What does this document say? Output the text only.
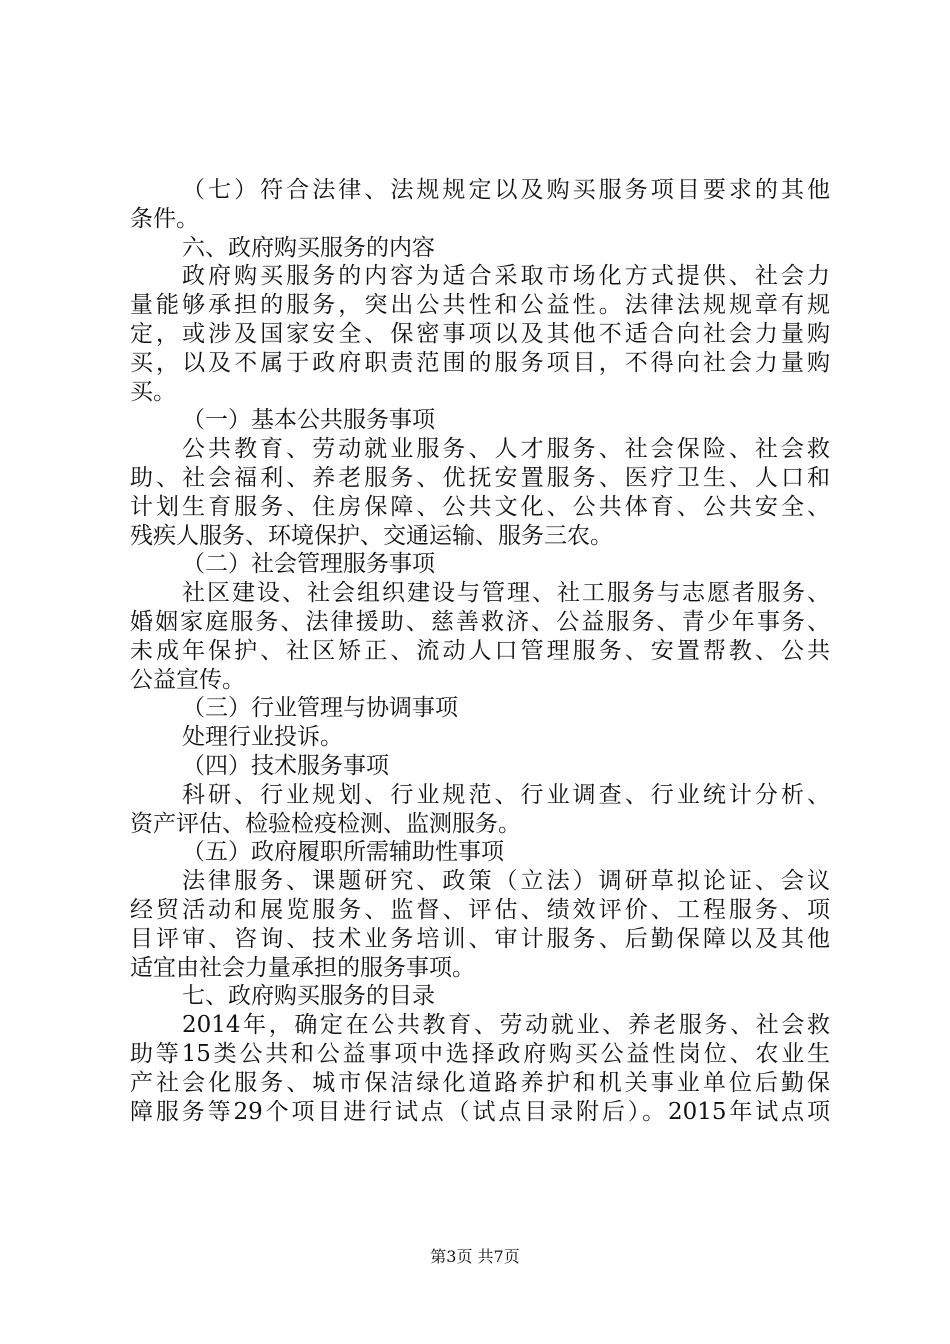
（七）符合法律、法规规定以及购买服务项目要求的其他
条件。
六、政府购买服务的内容
政府购买服务的内容为适合采取市场化方式提供、社会力
量能够承担的服务，突出公共性和公益性。法律法规规章有规
定，或涉及国家安全、保密事项以及其他不适合向社会力量购
买，以及不属于政府职责范围的服务项目，不得向社会力量购
买。
（一）基本公共服务事项
公共教育、劳动就业服务、人才服务、社会保险、社会救
助、社会福利、养老服务、优抚安置服务、医疗卫生、人口和
计划生育服务、住房保障、公共文化、公共体育、公共安全、
残疾人服务、环境保护、交通运输、服务三农。
（二）社会管理服务事项
社区建设、社会组织建设与管理、社工服务与志愿者服务、
婚姻家庭服务、法律援助、慈善救济、公益服务、青少年事务、
未成年保护、社区矫正、流动人口管理服务、安置帮教、公共
公益宣传。
（三）行业管理与协调事项
处理行业投诉。
（四）技术服务事项
科研、行业规划、行业规范、行业调查、行业统计分析、
资产评估、检验检疫检测、监测服务。
（五）政府履职所需辅助性事项
法律服务、课题研究、政策（立法）调研草拟论证、会议
经贸活动和展览服务、监督、评估、绩效评价、工程服务、项
目评审、咨询、技术业务培训、审计服务、后勤保障以及其他
适宜由社会力量承担的服务事项。
七、政府购买服务的目录
2014年，确定在公共教育、劳动就业、养老服务、社会救
助等15类公共和公益事项中选择政府购买公益性岗位、农业生
产社会化服务、城市保洁绿化道路养护和机关事业单位后勤保
障服务等29个项目进行试点（试点目录附后）。2015年试点项
第3页 共7页
